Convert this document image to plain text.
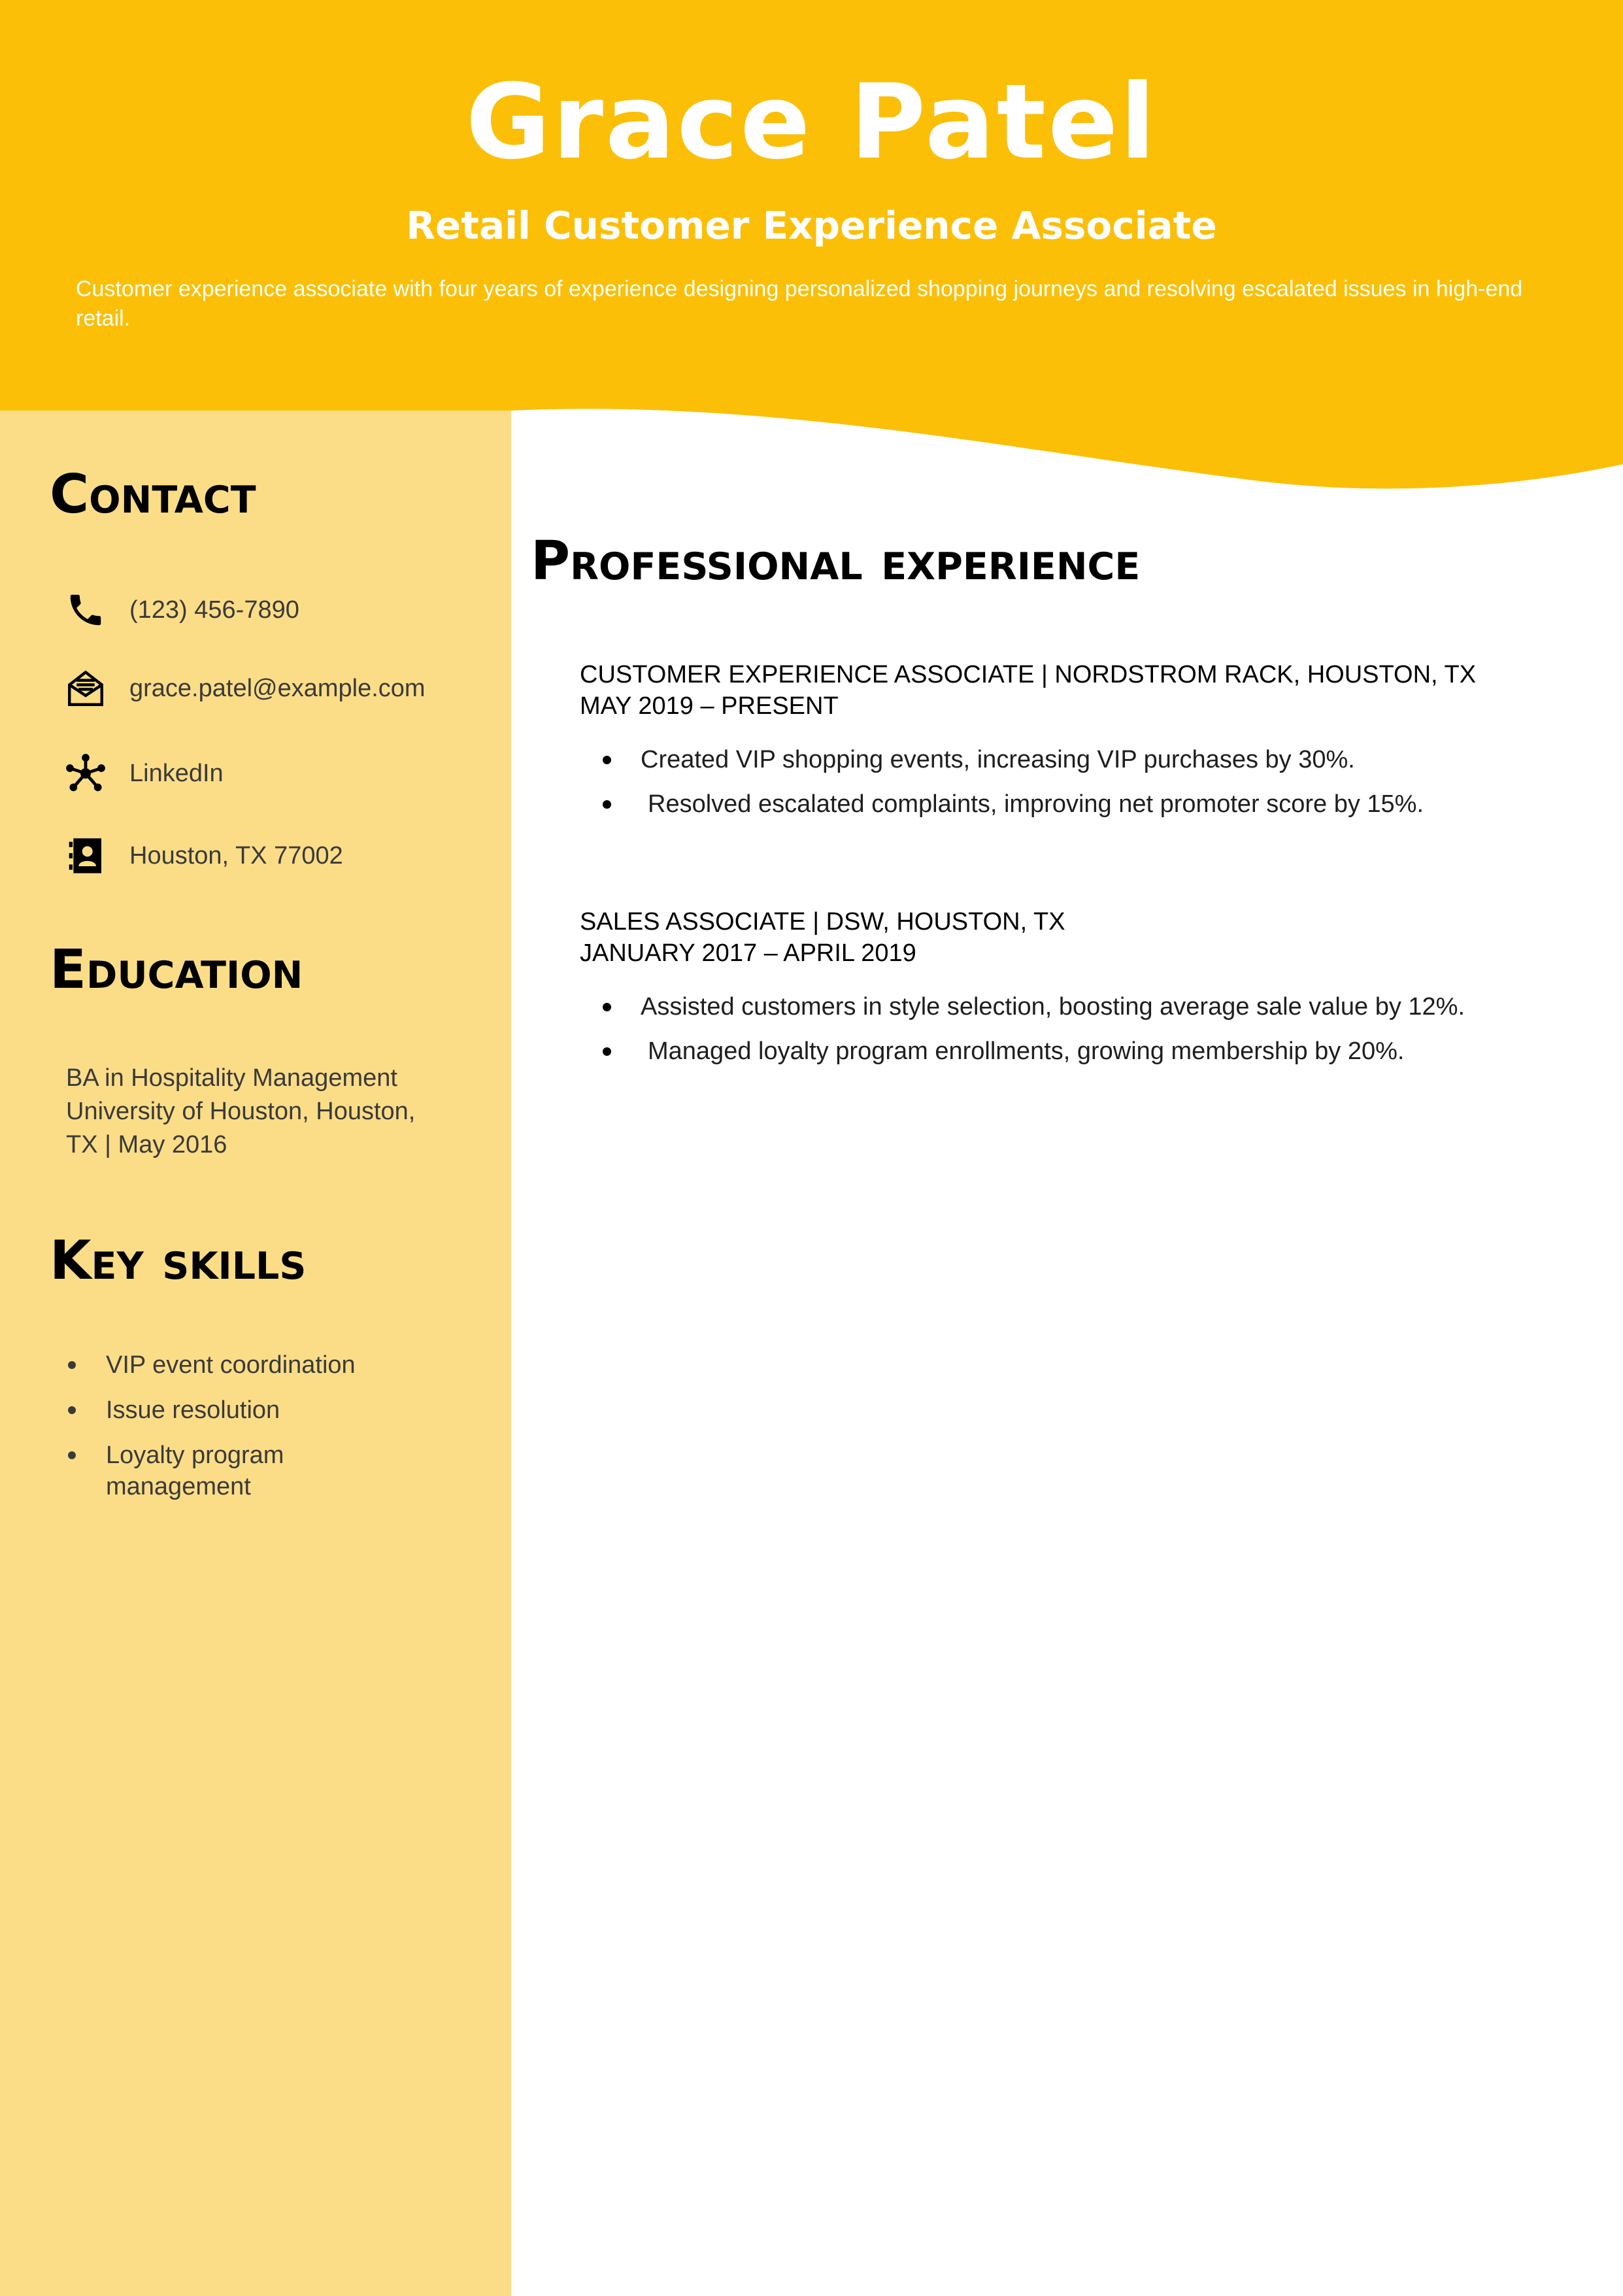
Grace Patel
Retail Customer Experience Associate
Customer experience associate with four years of experience designing personalized shopping journeys and resolving escalated issues in high-end retail.
Contact
(123) 456-7890
grace.patel@example.com
LinkedIn
Houston, TX 77002
Education
BA in Hospitality Management
University of Houston, Houston,
TX | May 2016
Key skills
VIP event coordination
Issue resolution
Loyalty program management
Professional experience
CUSTOMER EXPERIENCE ASSOCIATE | NORDSTROM RACK, HOUSTON, TX
MAY 2019 – PRESENT
Created VIP shopping events, increasing VIP purchases by 30%.
Resolved escalated complaints, improving net promoter score by 15%.
SALES ASSOCIATE | DSW, HOUSTON, TX
JANUARY 2017 – APRIL 2019
Assisted customers in style selection, boosting average sale value by 12%.
Managed loyalty program enrollments, growing membership by 20%.
